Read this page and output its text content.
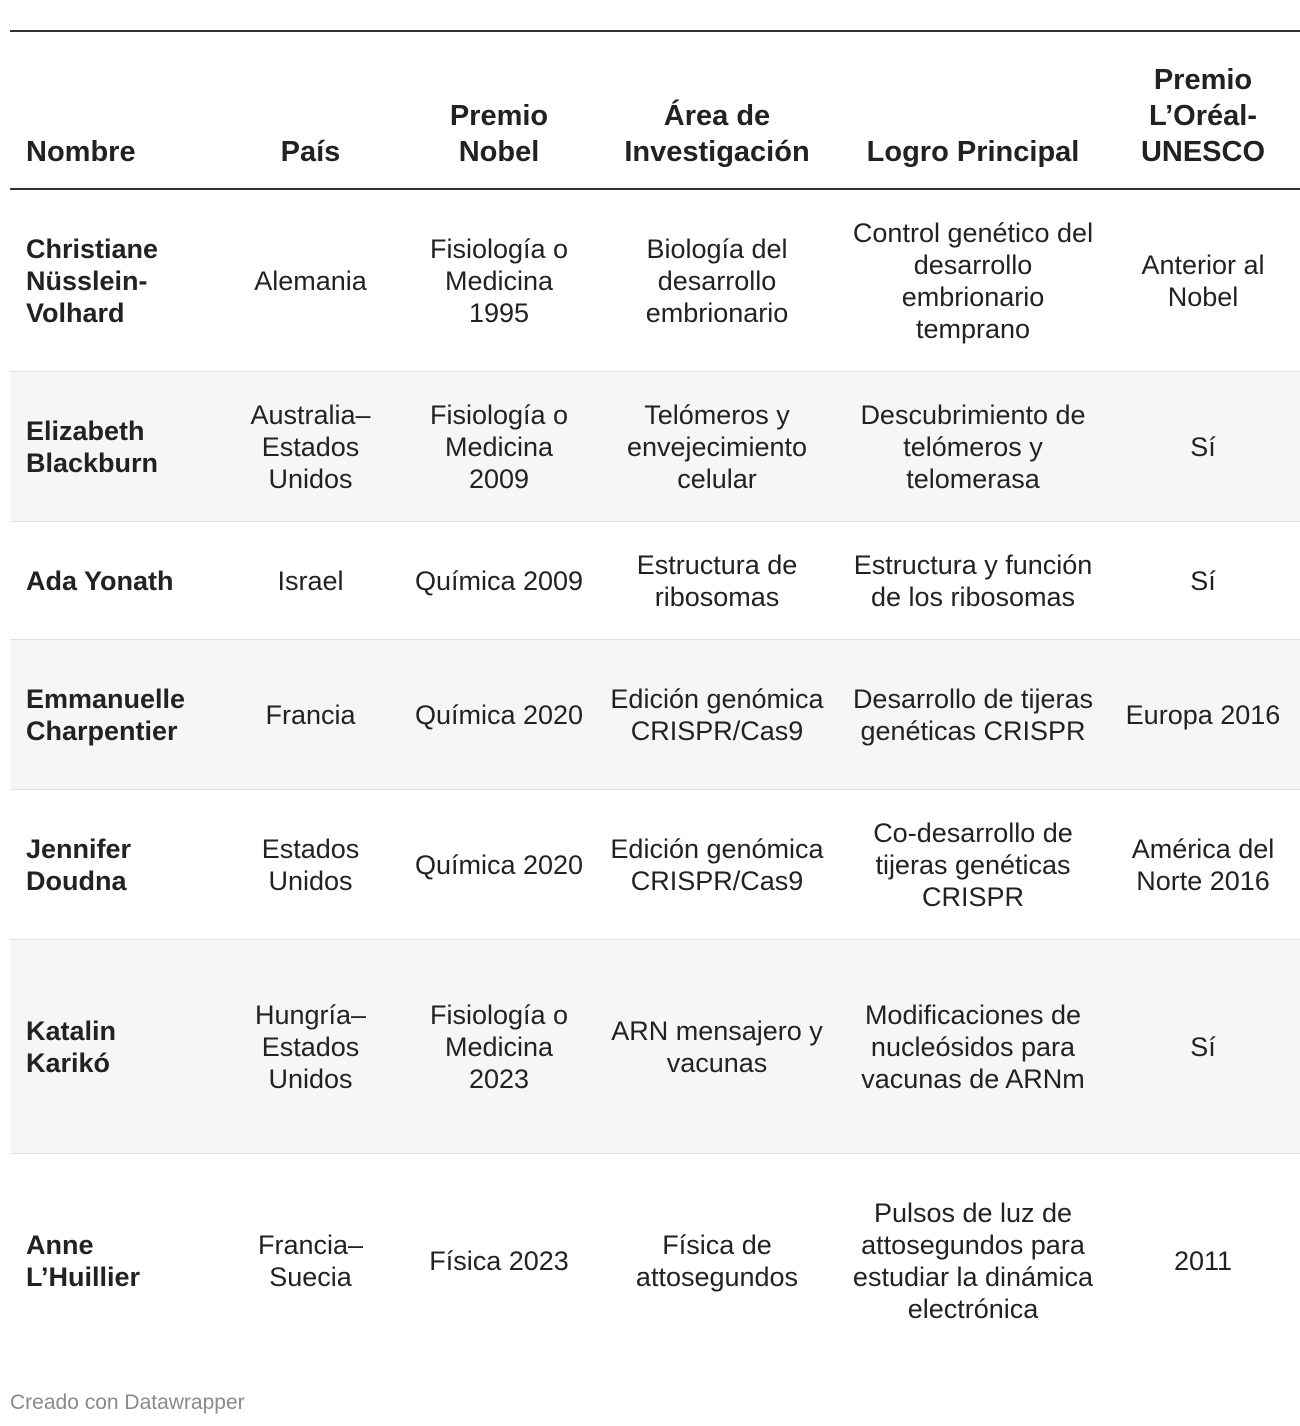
Nombre	País	Premio Nobel	Área de Investigación	Logro Principal	Premio L’Oréal-UNESCO
Christiane Nüsslein-Volhard	Alemania	Fisiología o Medicina 1995	Biología del desarrollo embrionario	Control genético del desarrollo embrionario temprano	Anterior al Nobel
Elizabeth Blackburn	Australia–Estados Unidos	Fisiología o Medicina 2009	Telómeros y envejecimiento celular	Descubrimiento de telómeros y telomerasa	Sí
Ada Yonath	Israel	Química 2009	Estructura de ribosomas	Estructura y función de los ribosomas	Sí
Emmanuelle Charpentier	Francia	Química 2020	Edición genómica CRISPR/Cas9	Desarrollo de tijeras genéticas CRISPR	Europa 2016
Jennifer Doudna	Estados Unidos	Química 2020	Edición genómica CRISPR/Cas9	Co-desarrollo de tijeras genéticas CRISPR	América del Norte 2016
Katalin Karikó	Hungría–Estados Unidos	Fisiología o Medicina 2023	ARN mensajero y vacunas	Modificaciones de nucleósidos para vacunas de ARNm	Sí
Anne L’Huillier	Francia–Suecia	Física 2023	Física de attosegundos	Pulsos de luz de attosegundos para estudiar la dinámica electrónica	2011
Creado con Datawrapper
